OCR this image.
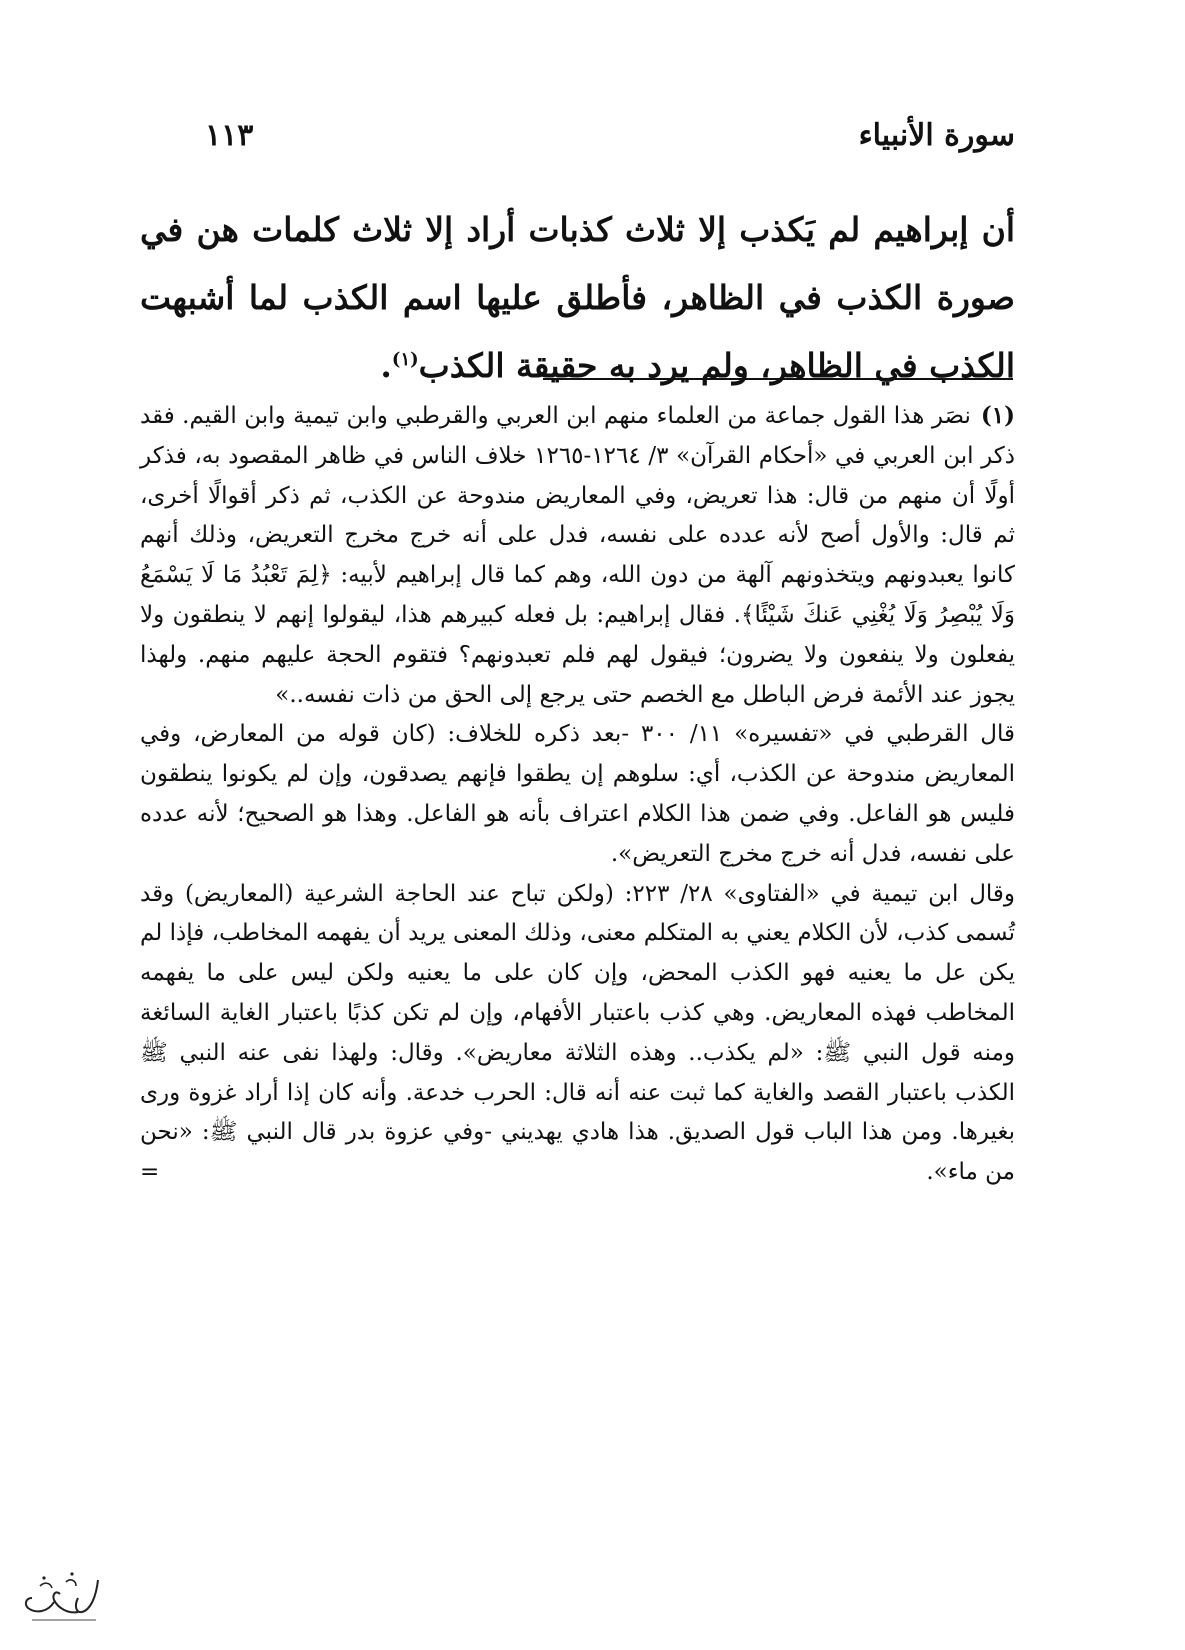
سورة الأنبياء
١١٣

أن إبراهيم لم يَكذب إلا ثلاث كذبات أراد إلا ثلاث كلمات هن في صورة الكذب في الظاهر، فأطلق عليها اسم الكذب لما أشبهت الكذب في الظاهر، ولم يرد به حقيقة الكذب$^{(١)}$.

(١)نصَر هذا القول جماعة من العلماء منهم ابن العربي والقرطبي وابن تيمية وابن القيم. فقد ذكر ابن العربي في «أحكام القرآن» ٣/ ١٢٦٤-١٢٦٥ خلاف الناس في ظاهر المقصود به، فذكر أولًا أن منهم من قال: هذا تعريض، وفي المعاريض مندوحة عن الكذب، ثم ذكر أقوالًا أخرى، ثم قال: والأول أصح لأنه عدده على نفسه، فدل على أنه خرج مخرج التعريض، وذلك أنهم كانوا يعبدونهم ويتخذونهم آلهة من دون الله، وهم كما قال إبراهيم لأبيه: ﴿لِمَ تَعْبُدُ مَا لَا يَسْمَعُ وَلَا يُبْصِرُ وَلَا يُغْنِي عَنكَ شَيْئًا﴾. فقال إبراهيم: بل فعله كبيرهم هذا، ليقولوا إنهم لا ينطقون ولا يفعلون ولا ينفعون ولا يضرون؛ فيقول لهم فلم تعبدونهم؟ فتقوم الحجة عليهم منهم. ولهذا يجوز عند الأئمة فرض الباطل مع الخصم حتى يرجع إلى الحق من ذات نفسه..»

قال القرطبي في «تفسيره» ١١/ ٣٠٠ -بعد ذكره للخلاف: (كان قوله من المعارض، وفي المعاريض مندوحة عن الكذب، أي: سلوهم إن يطقوا فإنهم يصدقون، وإن لم يكونوا ينطقون فليس هو الفاعل. وفي ضمن هذا الكلام اعتراف بأنه هو الفاعل. وهذا هو الصحيح؛ لأنه عدده على نفسه، فدل أنه خرج مخرج التعريض».

وقال ابن تيمية في «الفتاوى» ٢٨/ ٢٢٣: (ولكن تباح عند الحاجة الشرعية (المعاريض) وقد تُسمى كذب، لأن الكلام يعني به المتكلم معنى، وذلك المعنى يريد أن يفهمه المخاطب، فإذا لم يكن عل ما يعنيه فهو الكذب المحض، وإن كان على ما يعنيه ولكن ليس على ما يفهمه المخاطب فهذه المعاريض. وهي كذب باعتبار الأفهام، وإن لم تكن كذبًا باعتبار الغاية السائغة ومنه قول النبي ﷺ: «لم يكذب.. وهذه الثلاثة معاريض». وقال: ولهذا نفى عنه النبي ﷺ الكذب باعتبار القصد والغاية كما ثبت عنه أنه قال: الحرب خدعة. وأنه كان إذا أراد غزوة ورى بغيرها. ومن هذا الباب قول الصديق. هذا هادي يهديني -وفي عزوة بدر قال النبي ﷺ: «نحن من ماء».
=
